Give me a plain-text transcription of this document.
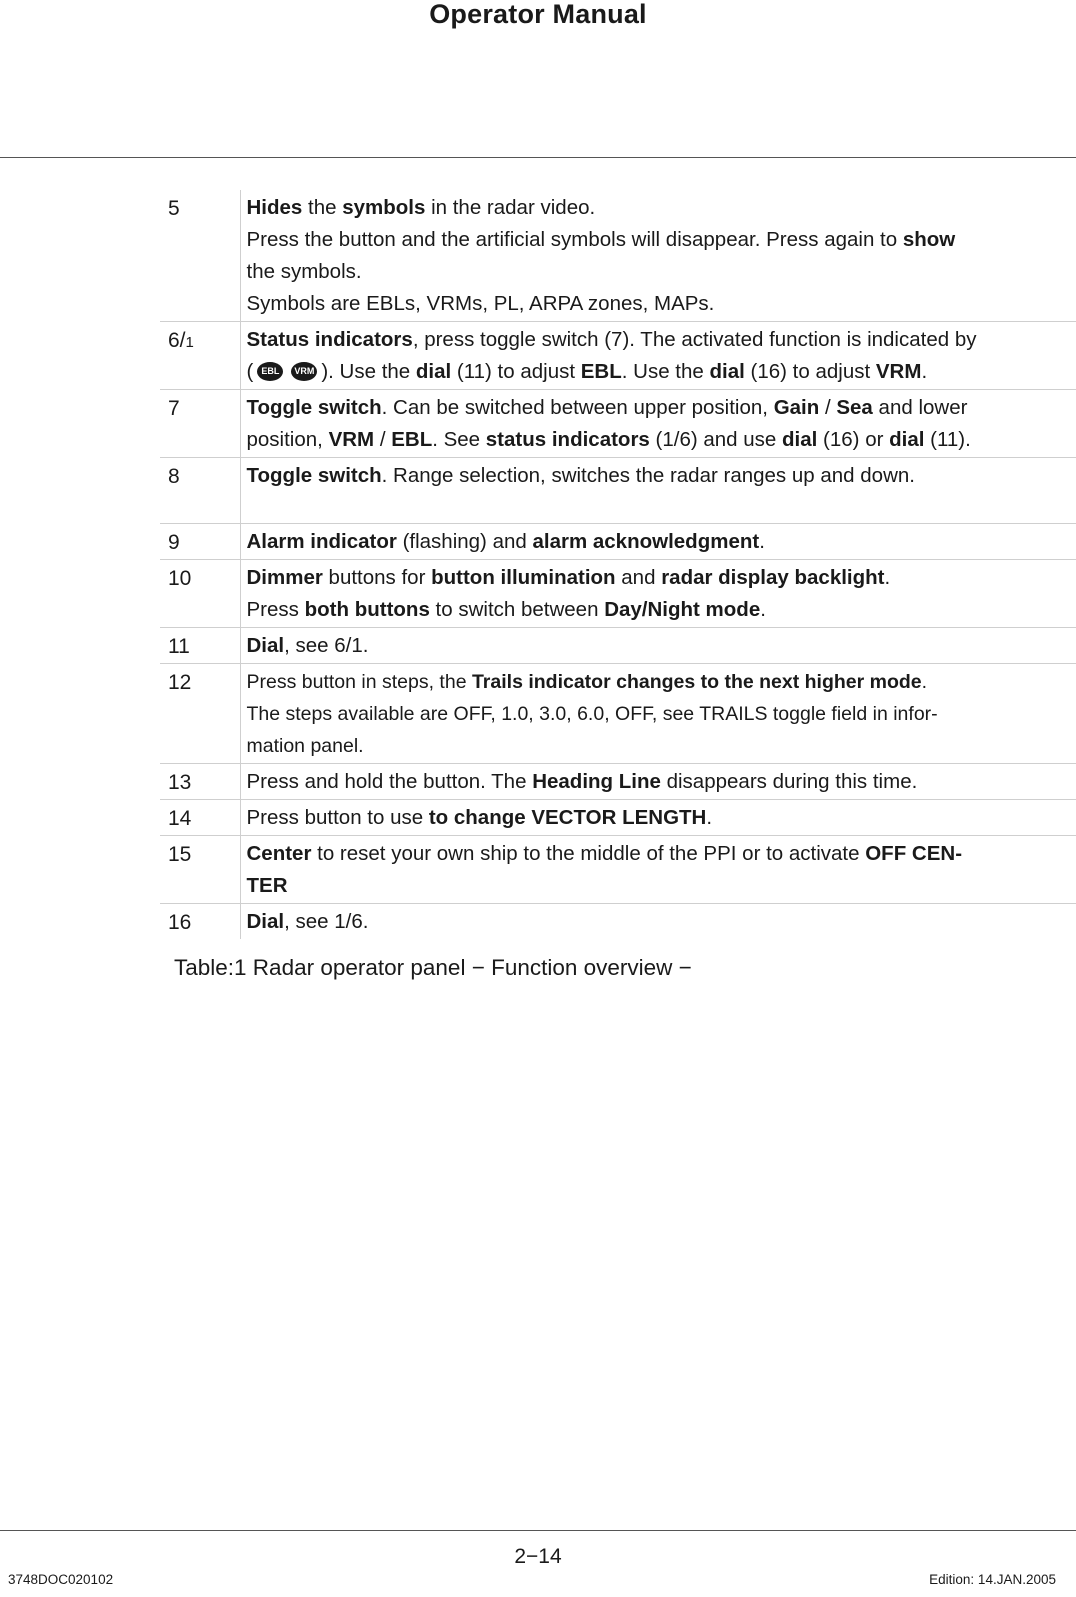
Operator Manual
5	Hides the symbols in the radar video.
Press the button and the artificial symbols will disappear. Press again to show
the symbols.
Symbols are EBLs, VRMs, PL, ARPA zones, MAPs.

6/1	Status indicators, press toggle switch (7). The activated function is indicated by
( EBL VRM ). Use the dial (11) to adjust EBL. Use the dial (16) to adjust VRM.

7	Toggle switch. Can be switched between upper position, Gain / Sea and lower
position, VRM / EBL. See status indicators (1/6) and use dial (16) or dial (11).

8	Toggle switch. Range selection, switches the radar ranges up and down.

9	Alarm indicator (flashing) and alarm acknowledgment.

10	Dimmer buttons for button illumination and radar display backlight.
Press both buttons to switch between Day/Night mode.

11	Dial, see 6/1.

12	Press button in steps, the Trails indicator changes to the next higher mode.
The steps available are OFF, 1.0, 3.0, 6.0, OFF, see TRAILS toggle field in infor-
mation panel.

13	Press and hold the button. The Heading Line disappears during this time.

14	Press button to use to change VECTOR LENGTH.

15	Center to reset your own ship to the middle of the PPI or to activate OFF CEN-
TER

16	Dial, see 1/6.
Table:1 Radar operator panel − Function overview −
3748DOC020102
2−14
Edition: 14.JAN.2005
